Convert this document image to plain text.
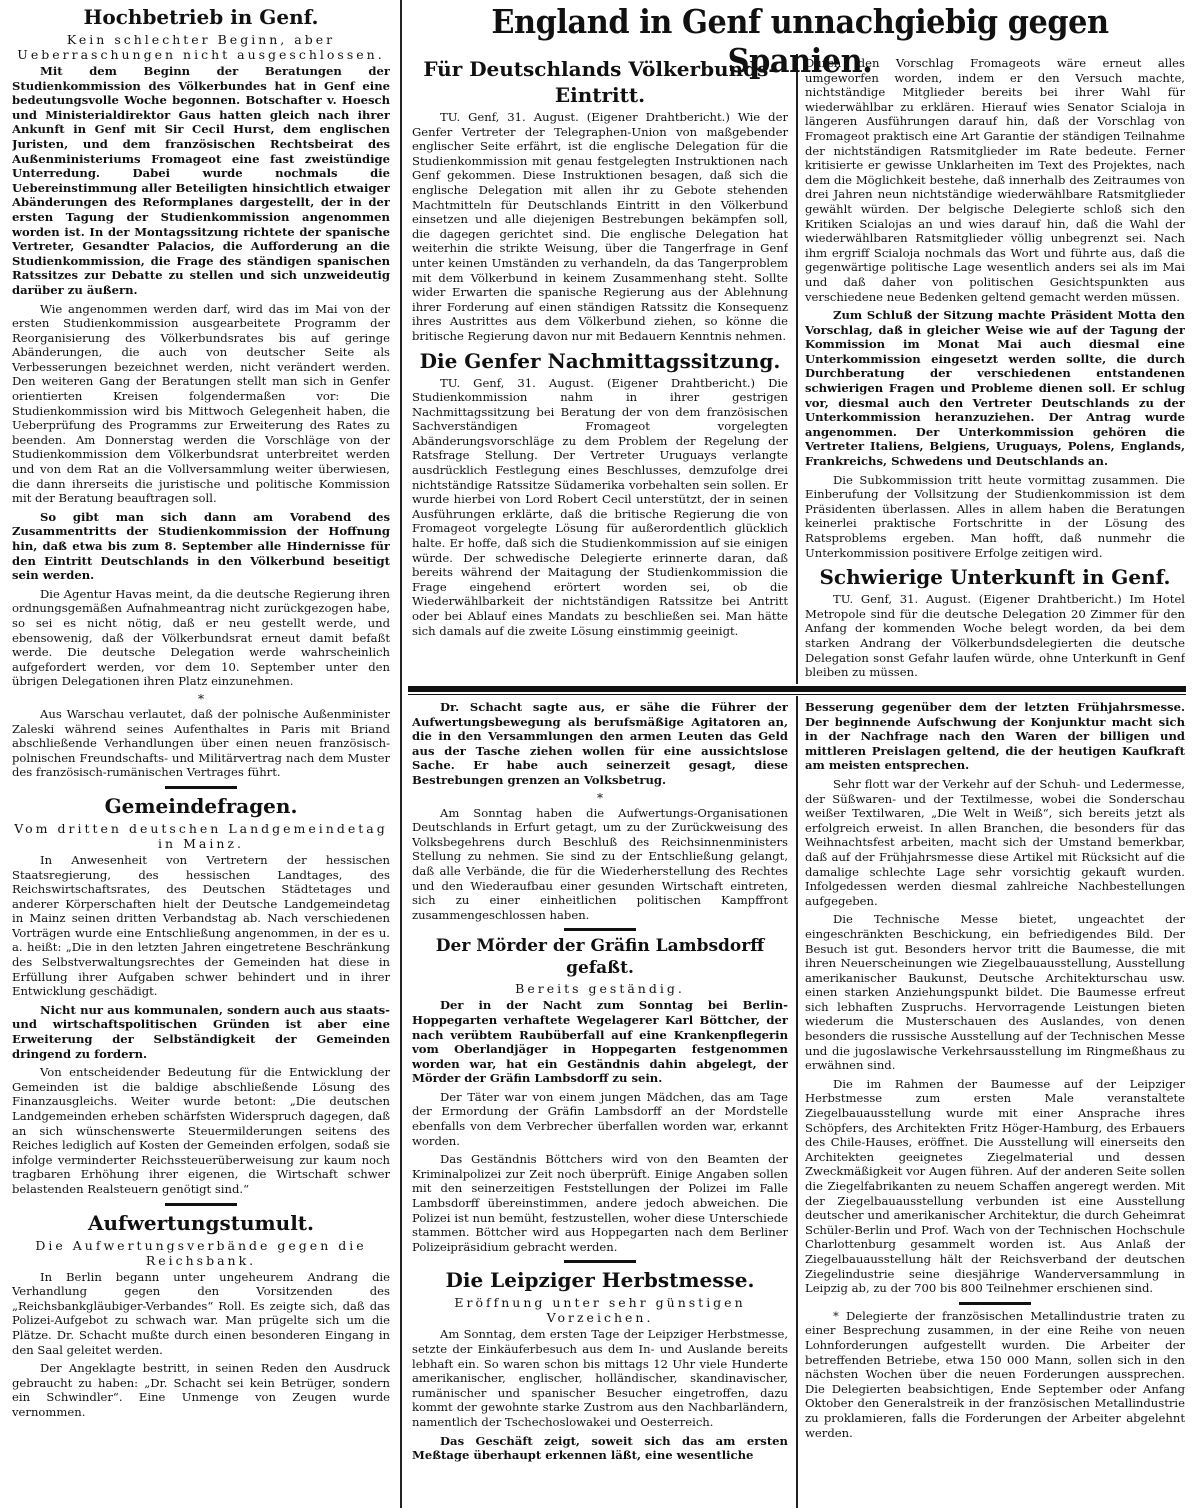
England in Genf unnachgiebig gegen Spanien.
Hochbetrieb in Genf.
Kein schlechter Beginn, aber Ueberraschungen nicht ausgeschlossen.

Mit dem Beginn der Beratungen der Studienkommission des Völkerbundes hat in Genf eine bedeutungsvolle Woche begonnen. Botschafter v. Hoesch und Ministerialdirektor Gaus hatten gleich nach ihrer Ankunft in Genf mit Sir Cecil Hurst, dem englischen Juristen, und dem französischen Rechtsbeirat des Außenministeriums Fromageot eine fast zweistündige Unterredung. Dabei wurde nochmals die Uebereinstimmung aller Beteiligten hinsichtlich etwaiger Abänderungen des Reformplanes dargestellt, der in der ersten Tagung der Studienkommission angenommen worden ist. In der Montagssitzung richtete der spanische Vertreter, Gesandter Palacios, die Aufforderung an die Studienkommission, die Frage des ständigen spanischen Ratssitzes zur Debatte zu stellen und sich unzweideutig darüber zu äußern.

Wie angenommen werden darf, wird das im Mai von der ersten Studienkommission ausgearbeitete Programm der Reorganisierung des Völkerbundsrates bis auf geringe Abänderungen, die auch von deutscher Seite als Verbesserungen bezeichnet werden, nicht verändert werden. Den weiteren Gang der Beratungen stellt man sich in Genfer orientierten Kreisen folgendermaßen vor: Die Studienkommission wird bis Mittwoch Gelegenheit haben, die Ueberprüfung des Programms zur Erweiterung des Rates zu beenden. Am Donnerstag werden die Vorschläge von der Studienkommission dem Völkerbundsrat unterbreitet werden und von dem Rat an die Vollversammlung weiter überwiesen, die dann ihrerseits die juristische und politische Kommission mit der Beratung beauftragen soll.

So gibt man sich dann am Vorabend des Zusammentritts der Studienkommission der Hoffnung hin, daß etwa bis zum 8. September alle Hindernisse für den Eintritt Deutschlands in den Völkerbund beseitigt sein werden.

Die Agentur Havas meint, da die deutsche Regierung ihren ordnungsgemäßen Aufnahmeantrag nicht zurückgezogen habe, so sei es nicht nötig, daß er neu gestellt werde, und ebensowenig, daß der Völkerbundsrat erneut damit befaßt werde. Die deutsche Delegation werde wahrscheinlich aufgefordert werden, vor dem 10. September unter den übrigen Delegationen ihren Platz einzunehmen.

*

Aus Warschau verlautet, daß der polnische Außenminister Zaleski während seines Aufenthaltes in Paris mit Briand abschließende Verhandlungen über einen neuen französisch-polnischen Freundschafts- und Militärvertrag nach dem Muster des französisch-rumänischen Vertrages führt.

Gemeindefragen.
Vom dritten deutschen Landgemeindetag in Mainz.

In Anwesenheit von Vertretern der hessischen Staatsregierung, des hessischen Landtages, des Reichswirtschaftsrates, des Deutschen Städtetages und anderer Körperschaften hielt der Deutsche Landgemeindetag in Mainz seinen dritten Verbandstag ab. Nach verschiedenen Vorträgen wurde eine Entschließung angenommen, in der es u. a. heißt: „Die in den letzten Jahren eingetretene Beschränkung des Selbstverwaltungsrechtes der Gemeinden hat diese in Erfüllung ihrer Aufgaben schwer behindert und in ihrer Entwicklung geschädigt.

Nicht nur aus kommunalen, sondern auch aus staats- und wirtschaftspolitischen Gründen ist aber eine Erweiterung der Selbständigkeit der Gemeinden dringend zu fordern.

Von entscheidender Bedeutung für die Entwicklung der Gemeinden ist die baldige abschließende Lösung des Finanzausgleichs. Weiter wurde betont: „Die deutschen Landgemeinden erheben schärfsten Widerspruch dagegen, daß an sich wünschenswerte Steuermilderungen seitens des Reiches lediglich auf Kosten der Gemeinden erfolgen, sodaß sie infolge verminderter Reichssteuerüberweisung zur kaum noch tragbaren Erhöhung ihrer eigenen, die Wirtschaft schwer belastenden Realsteuern genötigt sind.“

Aufwertungstumult.
Die Aufwertungsverbände gegen die Reichsbank.

In Berlin begann unter ungeheurem Andrang die Verhandlung gegen den Vorsitzenden des „Reichsbankgläubiger-Verbandes“ Roll. Es zeigte sich, daß das Polizei-Aufgebot zu schwach war. Man prügelte sich um die Plätze. Dr. Schacht mußte durch einen besonderen Eingang in den Saal geleitet werden.

Der Angeklagte bestritt, in seinen Reden den Ausdruck gebraucht zu haben: „Dr. Schacht sei kein Betrüger, sondern ein Schwindler“. Eine Unmenge von Zeugen wurde vernommen.

Für Deutschlands Völkerbunds-Eintritt.

TU. Genf, 31. August. (Eigener Drahtbericht.) Wie der Genfer Vertreter der Telegraphen-Union von maßgebender englischer Seite erfährt, ist die englische Delegation für die Studienkommission mit genau festgelegten Instruktionen nach Genf gekommen. Diese Instruktionen besagen, daß sich die englische Delegation mit allen ihr zu Gebote stehenden Machtmitteln für Deutschlands Eintritt in den Völkerbund einsetzen und alle diejenigen Bestrebungen bekämpfen soll, die dagegen gerichtet sind. Die englische Delegation hat weiterhin die strikte Weisung, über die Tangerfrage in Genf unter keinen Umständen zu verhandeln, da das Tangerproblem mit dem Völkerbund in keinem Zusammenhang steht. Sollte wider Erwarten die spanische Regierung aus der Ablehnung ihrer Forderung auf einen ständigen Ratssitz die Konsequenz ihres Austrittes aus dem Völkerbund ziehen, so könne die britische Regierung davon nur mit Bedauern Kenntnis nehmen.

Die Genfer Nachmittagssitzung.

TU. Genf, 31. August. (Eigener Drahtbericht.) Die Studienkommission nahm in ihrer gestrigen Nachmittagssitzung bei Beratung der von dem französischen Sachverständigen Fromageot vorgelegten Abänderungsvorschläge zu dem Problem der Regelung der Ratsfrage Stellung. Der Vertreter Uruguays verlangte ausdrücklich Festlegung eines Beschlusses, demzufolge drei nichtständige Ratssitze Südamerika vorbehalten sein sollen. Er wurde hierbei von Lord Robert Cecil unterstützt, der in seinen Ausführungen erklärte, daß die britische Regierung die von Fromageot vorgelegte Lösung für außerordentlich glücklich halte. Er hoffe, daß sich die Studienkommission auf sie einigen würde. Der schwedische Delegierte erinnerte daran, daß bereits während der Maitagung der Studienkommission die Frage eingehend erörtert worden sei, ob die Wiederwählbarkeit der nichtständigen Ratssitze bei Antritt oder bei Ablauf eines Mandats zu beschließen sei. Man hätte sich damals auf die zweite Lösung einstimmig geeinigt.

Durch den Vorschlag Fromageots wäre erneut alles umgeworfen worden, indem er den Versuch machte, nichtständige Mitglieder bereits bei ihrer Wahl für wiederwählbar zu erklären. Hierauf wies Senator Scialoja in längeren Ausführungen darauf hin, daß der Vorschlag von Fromageot praktisch eine Art Garantie der ständigen Teilnahme der nichtständigen Ratsmitglieder im Rate bedeute. Ferner kritisierte er gewisse Unklarheiten im Text des Projektes, nach dem die Möglichkeit bestehe, daß innerhalb des Zeitraumes von drei Jahren neun nichtständige wiederwählbare Ratsmitglieder gewählt würden. Der belgische Delegierte schloß sich den Kritiken Scialojas an und wies darauf hin, daß die Wahl der wiederwählbaren Ratsmitglieder völlig unbegrenzt sei. Nach ihm ergriff Scialoja nochmals das Wort und führte aus, daß die gegenwärtige politische Lage wesentlich anders sei als im Mai und daß daher von politischen Gesichtspunkten aus verschiedene neue Bedenken geltend gemacht werden müssen.

Zum Schluß der Sitzung machte Präsident Motta den Vorschlag, daß in gleicher Weise wie auf der Tagung der Kommission im Monat Mai auch diesmal eine Unterkommission eingesetzt werden sollte, die durch Durchberatung der verschiedenen entstandenen schwierigen Fragen und Probleme dienen soll. Er schlug vor, diesmal auch den Vertreter Deutschlands zu der Unterkommission heranzuziehen. Der Antrag wurde angenommen. Der Unterkommission gehören die Vertreter Italiens, Belgiens, Uruguays, Polens, Englands, Frankreichs, Schwedens und Deutschlands an.

Die Subkommission tritt heute vormittag zusammen. Die Einberufung der Vollsitzung der Studienkommission ist dem Präsidenten überlassen. Alles in allem haben die Beratungen keinerlei praktische Fortschritte in der Lösung des Ratsproblems ergeben. Man hofft, daß nunmehr die Unterkommission positivere Erfolge zeitigen wird.

Schwierige Unterkunft in Genf.

TU. Genf, 31. August. (Eigener Drahtbericht.) Im Hotel Metropole sind für die deutsche Delegation 20 Zimmer für den Anfang der kommenden Woche belegt worden, da bei dem starken Andrang der Völkerbundsdelegierten die deutsche Delegation sonst Gefahr laufen würde, ohne Unterkunft in Genf bleiben zu müssen.

Dr. Schacht sagte aus, er sähe die Führer der Aufwertungsbewegung als berufsmäßige Agitatoren an, die in den Versammlungen den armen Leuten das Geld aus der Tasche ziehen wollen für eine aussichtslose Sache. Er habe auch seinerzeit gesagt, diese Bestrebungen grenzen an Volksbetrug.

*

Am Sonntag haben die Aufwertungs-Organisationen Deutschlands in Erfurt getagt, um zu der Zurückweisung des Volksbegehrens durch Beschluß des Reichsinnenministers Stellung zu nehmen. Sie sind zu der Entschließung gelangt, daß alle Verbände, die für die Wiederherstellung des Rechtes und den Wiederaufbau einer gesunden Wirtschaft eintreten, sich zu einer einheitlichen politischen Kampffront zusammengeschlossen haben.

Der Mörder der Gräfin Lambsdorff gefaßt.
Bereits geständig.

Der in der Nacht zum Sonntag bei Berlin-Hoppegarten verhaftete Wegelagerer Karl Böttcher, der nach verübtem Raubüberfall auf eine Krankenpflegerin vom Oberlandjäger in Hoppegarten festgenommen worden war, hat ein Geständnis dahin abgelegt, der Mörder der Gräfin Lambsdorff zu sein.

Der Täter war von einem jungen Mädchen, das am Tage der Ermordung der Gräfin Lambsdorff an der Mordstelle ebenfalls von dem Verbrecher überfallen worden war, erkannt worden.

Das Geständnis Böttchers wird von den Beamten der Kriminalpolizei zur Zeit noch überprüft. Einige Angaben sollen mit den seinerzeitigen Feststellungen der Polizei im Falle Lambsdorff übereinstimmen, andere jedoch abweichen. Die Polizei ist nun bemüht, festzustellen, woher diese Unterschiede stammen. Böttcher wird aus Hoppegarten nach dem Berliner Polizeipräsidium gebracht werden.

Die Leipziger Herbstmesse.
Eröffnung unter sehr günstigen Vorzeichen.

Am Sonntag, dem ersten Tage der Leipziger Herbstmesse, setzte der Einkäuferbesuch aus dem In- und Auslande bereits lebhaft ein. So waren schon bis mittags 12 Uhr viele Hunderte amerikanischer, englischer, holländischer, skandinavischer, rumänischer und spanischer Besucher eingetroffen, dazu kommt der gewohnte starke Zustrom aus den Nachbarländern, namentlich der Tschechoslowakei und Oesterreich.

Das Geschäft zeigt, soweit sich das am ersten Meßtage überhaupt erkennen läßt, eine wesentliche

Besserung gegenüber dem der letzten Frühjahrsmesse. Der beginnende Aufschwung der Konjunktur macht sich in der Nachfrage nach den Waren der billigen und mittleren Preislagen geltend, die der heutigen Kaufkraft am meisten entsprechen.

Sehr flott war der Verkehr auf der Schuh- und Ledermesse, der Süßwaren- und der Textilmesse, wobei die Sonderschau weißer Textilwaren, „Die Welt in Weiß“, sich bereits jetzt als erfolgreich erweist. In allen Branchen, die besonders für das Weihnachtsfest arbeiten, macht sich der Umstand bemerkbar, daß auf der Frühjahrsmesse diese Artikel mit Rücksicht auf die damalige schlechte Lage sehr vorsichtig gekauft wurden. Infolgedessen werden diesmal zahlreiche Nachbestellungen aufgegeben.

Die Technische Messe bietet, ungeachtet der eingeschränkten Beschickung, ein befriedigendes Bild. Der Besuch ist gut. Besonders hervor tritt die Baumesse, die mit ihren Neuerscheinungen wie Ziegelbauausstellung, Ausstellung amerikanischer Baukunst, Deutsche Architekturschau usw. einen starken Anziehungspunkt bildet. Die Baumesse erfreut sich lebhaften Zuspruchs. Hervorragende Leistungen bieten wiederum die Musterschauen des Auslandes, von denen besonders die russische Ausstellung auf der Technischen Messe und die jugoslawische Verkehrsausstellung im Ringmeßhaus zu erwähnen sind.

Die im Rahmen der Baumesse auf der Leipziger Herbstmesse zum ersten Male veranstaltete Ziegelbauausstellung wurde mit einer Ansprache ihres Schöpfers, des Architekten Fritz Höger-Hamburg, des Erbauers des Chile-Hauses, eröffnet. Die Ausstellung will einerseits den Architekten geeignetes Ziegelmaterial und dessen Zweckmäßigkeit vor Augen führen. Auf der anderen Seite sollen die Ziegelfabrikanten zu neuem Schaffen angeregt werden. Mit der Ziegelbauausstellung verbunden ist eine Ausstellung deutscher und amerikanischer Architektur, die durch Geheimrat Schüler-Berlin und Prof. Wach von der Technischen Hochschule Charlottenburg gesammelt worden ist. Aus Anlaß der Ziegelbauausstellung hält der Reichsverband der deutschen Ziegelindustrie seine diesjährige Wanderversammlung in Leipzig ab, zu der 700 bis 800 Teilnehmer erschienen sind.

* Delegierte der französischen Metallindustrie traten zu einer Besprechung zusammen, in der eine Reihe von neuen Lohnforderungen aufgestellt wurden. Die Arbeiter der betreffenden Betriebe, etwa 150 000 Mann, sollen sich in den nächsten Wochen über die neuen Forderungen aussprechen. Die Delegierten beabsichtigen, Ende September oder Anfang Oktober den Generalstreik in der französischen Metallindustrie zu proklamieren, falls die Forderungen der Arbeiter abgelehnt werden.
